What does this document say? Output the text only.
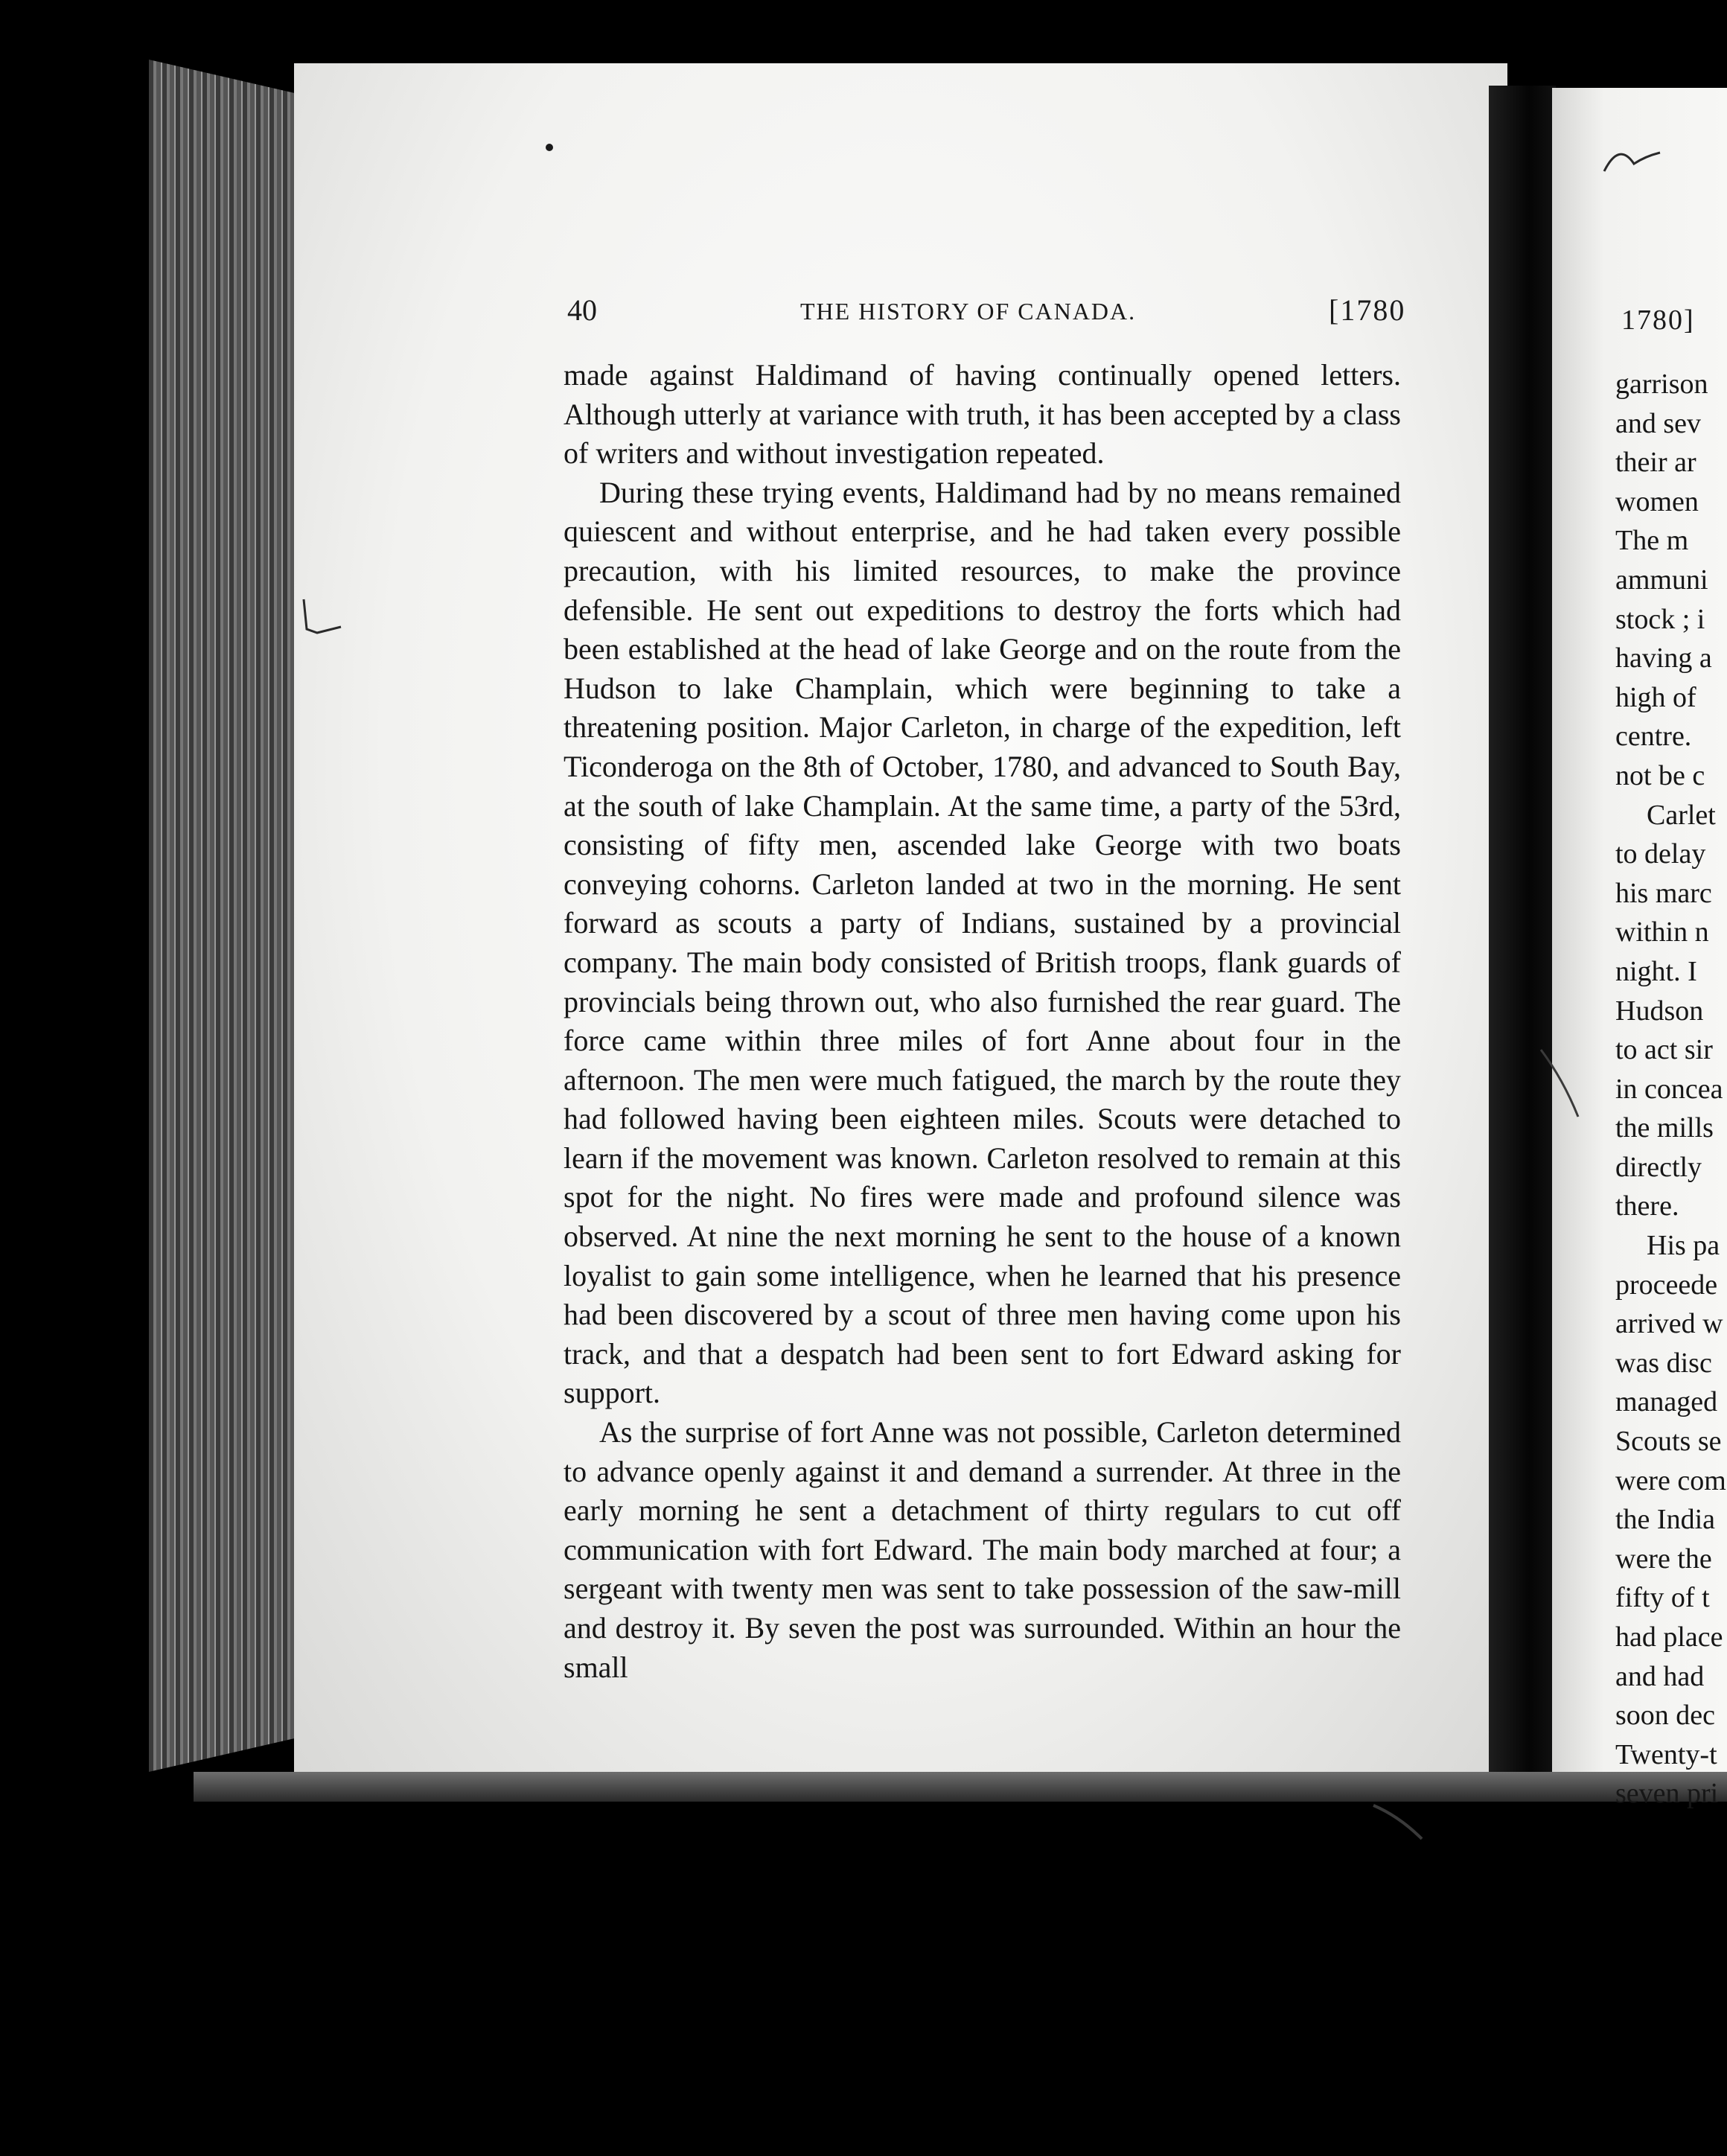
40	THE HISTORY OF CANADA.	[1780

made against Haldimand of having continually opened letters. Although utterly at variance with truth, it has been accepted by a class of writers and without investigation repeated.

During these trying events, Haldimand had by no means remained quiescent and without enterprise, and he had taken every possible precaution, with his limited resources, to make the province defensible. He sent out expeditions to destroy the forts which had been established at the head of lake George and on the route from the Hudson to lake Champlain, which were beginning to take a threatening position. Major Carleton, in charge of the expedition, left Ticonderoga on the 8th of October, 1780, and advanced to South Bay, at the south of lake Champlain. At the same time, a party of the 53rd, consisting of fifty men, ascended lake George with two boats conveying cohorns. Carleton landed at two in the morning. He sent forward as scouts a party of Indians, sustained by a provincial company. The main body consisted of British troops, flank guards of provincials being thrown out, who also furnished the rear guard. The force came within three miles of fort Anne about four in the afternoon. The men were much fatigued, the march by the route they had followed having been eighteen miles. Scouts were detached to learn if the movement was known. Carleton resolved to remain at this spot for the night. No fires were made and profound silence was observed. At nine the next morning he sent to the house of a known loyalist to gain some intelligence, when he learned that his presence had been discovered by a scout of three men having come upon his track, and that a despatch had been sent to fort Edward asking for support.

As the surprise of fort Anne was not possible, Carleton determined to advance openly against it and demand a surrender. At three in the early morning he sent a detachment of thirty regulars to cut off communication with fort Edward. The main body marched at four; a sergeant with twenty men was sent to take possession of the saw-mill and destroy it. By seven the post was surrounded. Within an hour the small

1780]
garrison
and sev
their ar
women
The m
ammuni
stock ; i
having a
high of
centre.
not be c
Carlet
to delay
his marc
within n
night. I
Hudson
to act sir
in concea
the mills
directly
there.
His pa
proceede
arrived w
was disc
managed
Scouts se
were com
the India
were the
fifty of t
had place
and had
soon dec
Twenty-t
seven pri
